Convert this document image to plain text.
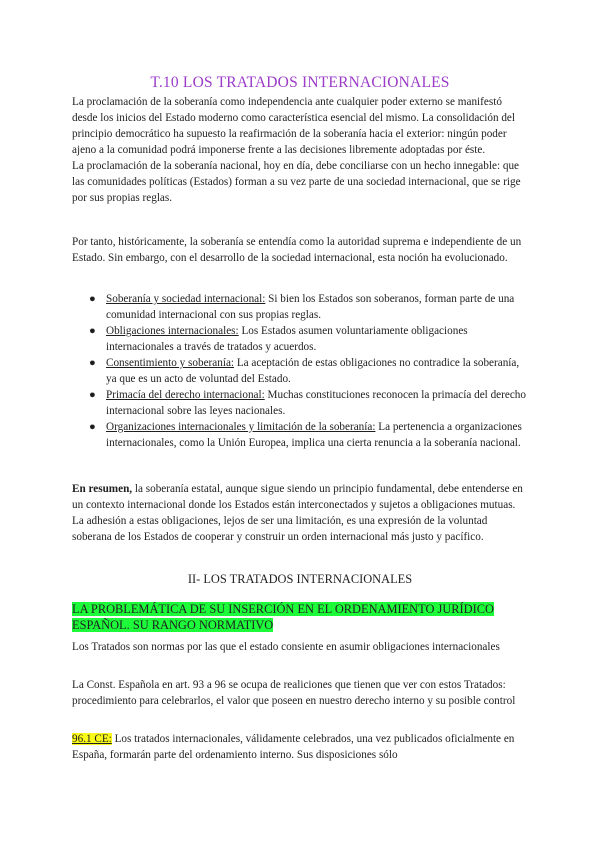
T.10 LOS TRATADOS INTERNACIONALES
La proclamación de la soberanía como independencia ante cualquier poder externo se manifestó desde los inicios del Estado moderno como característica esencial del mismo. La consolidación del principio democrático ha supuesto la reafirmación de la soberanía hacia el exterior: ningún poder ajeno a la comunidad podrá imponerse frente a las decisiones libremente adoptadas por éste.
La proclamación de la soberanía nacional, hoy en día, debe conciliarse con un hecho innegable: que las comunidades políticas (Estados) forman a su vez parte de una sociedad internacional, que se rige por sus propias reglas.
Por tanto, históricamente, la soberanía se entendía como la autoridad suprema e independiente de un Estado. Sin embargo, con el desarrollo de la sociedad internacional, esta noción ha evolucionado.
● Soberanía y sociedad internacional: Si bien los Estados son soberanos, forman parte de una comunidad internacional con sus propias reglas.
● Obligaciones internacionales: Los Estados asumen voluntariamente obligaciones internacionales a través de tratados y acuerdos.
● Consentimiento y soberanía: La aceptación de estas obligaciones no contradice la soberanía, ya que es un acto de voluntad del Estado.
● Primacía del derecho internacional: Muchas constituciones reconocen la primacía del derecho internacional sobre las leyes nacionales.
● Organizaciones internacionales y limitación de la soberanía: La pertenencia a organizaciones internacionales, como la Unión Europea, implica una cierta renuncia a la soberanía nacional.
En resumen, la soberanía estatal, aunque sigue siendo un principio fundamental, debe entenderse en un contexto internacional donde los Estados están interconectados y sujetos a obligaciones mutuas. La adhesión a estas obligaciones, lejos de ser una limitación, es una expresión de la voluntad soberana de los Estados de cooperar y construir un orden internacional más justo y pacífico.
II- LOS TRATADOS INTERNACIONALES
LA PROBLEMÁTICA DE SU INSERCIÓN EN EL ORDENAMIENTO JURÍDICO ESPAÑOL. SU RANGO NORMATIVO
Los Tratados son normas por las que el estado consiente en asumir obligaciones internacionales
La Const. Española en art. 93 a 96 se ocupa de realiciones que tienen que ver con estos Tratados: procedimiento para celebrarlos, el valor que poseen en nuestro derecho interno y su posible control
96.1 CE: Los tratados internacionales, válidamente celebrados, una vez publicados oficialmente en España, formarán parte del ordenamiento interno. Sus disposiciones sólo
